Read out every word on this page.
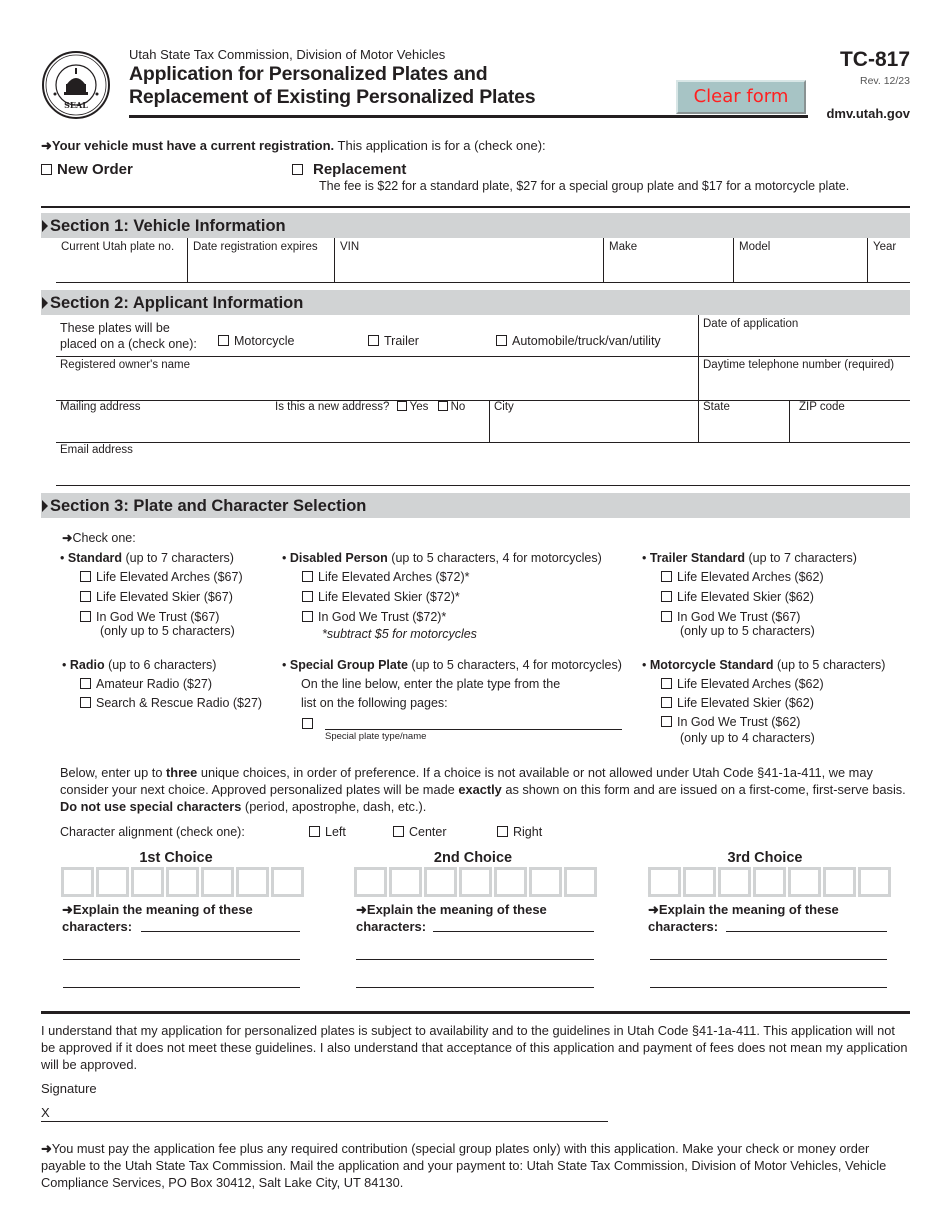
SEAL
Utah State Tax Commission, Division of Motor Vehicles
Application for Personalized Plates and
Replacement of Existing Personalized Plates
TC-817
Rev. 12/23
dmv.utah.gov
Clear form
➜Your vehicle must have a current registration. This application is for a (check one):
New Order	Replacement
The fee is $22 for a standard plate, $27 for a special group plate and $17 for a motorcycle plate.
Section 1: Vehicle Information
Current Utah plate no.	Date registration expires	VIN	Make	Model	Year
Section 2: Applicant Information
These plates will be
placed on a (check one):	Motorcycle	Trailer	Automobile/truck/van/utility
Date of application
Registered owner's name	Daytime telephone number (required)
Mailing address	Is this a new address? Yes No City	State	ZIP code
Email address
Section 3: Plate and Character Selection
➜Check one:
• Standard (up to 7 characters)
Life Elevated Arches ($67)
Life Elevated Skier ($67)
In God We Trust ($67)
(only up to 5 characters)
• Disabled Person (up to 5 characters, 4 for motorcycles)
Life Elevated Arches ($72)*
Life Elevated Skier ($72)*
In God We Trust ($72)*
*subtract $5 for motorcycles
• Trailer Standard (up to 7 characters)
Life Elevated Arches ($62)
Life Elevated Skier ($62)
In God We Trust ($67)
(only up to 5 characters)
• Radio (up to 6 characters)
Amateur Radio ($27)
Search & Rescue Radio ($27)
• Special Group Plate (up to 5 characters, 4 for motorcycles)
On the line below, enter the plate type from the
list on the following pages:
Special plate type/name
• Motorcycle Standard (up to 5 characters)
Life Elevated Arches ($62)
Life Elevated Skier ($62)
In God We Trust ($62)
(only up to 4 characters)
Below, enter up to three unique choices, in order of preference. If a choice is not available or not allowed under Utah Code §41-1a-411, we may consider your next choice. Approved personalized plates will be made exactly as shown on this form and are issued on a first-come, first-serve basis. Do not use special characters (period, apostrophe, dash, etc.).
Character alignment (check one):	Left	Center	Right
1st Choice
➜Explain the meaning of these
characters:
2nd Choice
➜Explain the meaning of these
characters:
3rd Choice
➜Explain the meaning of these
characters:
I understand that my application for personalized plates is subject to availability and to the guidelines in Utah Code §41-1a-411. This application will not be approved if it does not meet these guidelines. I also understand that acceptance of this application and payment of fees does not mean my application will be approved.
Signature
X
➜You must pay the application fee plus any required contribution (special group plates only) with this application. Make your check or money order payable to the Utah State Tax Commission. Mail the application and your payment to: Utah State Tax Commission, Division of Motor Vehicles, Vehicle Compliance Services, PO Box 30412, Salt Lake City, UT 84130.
